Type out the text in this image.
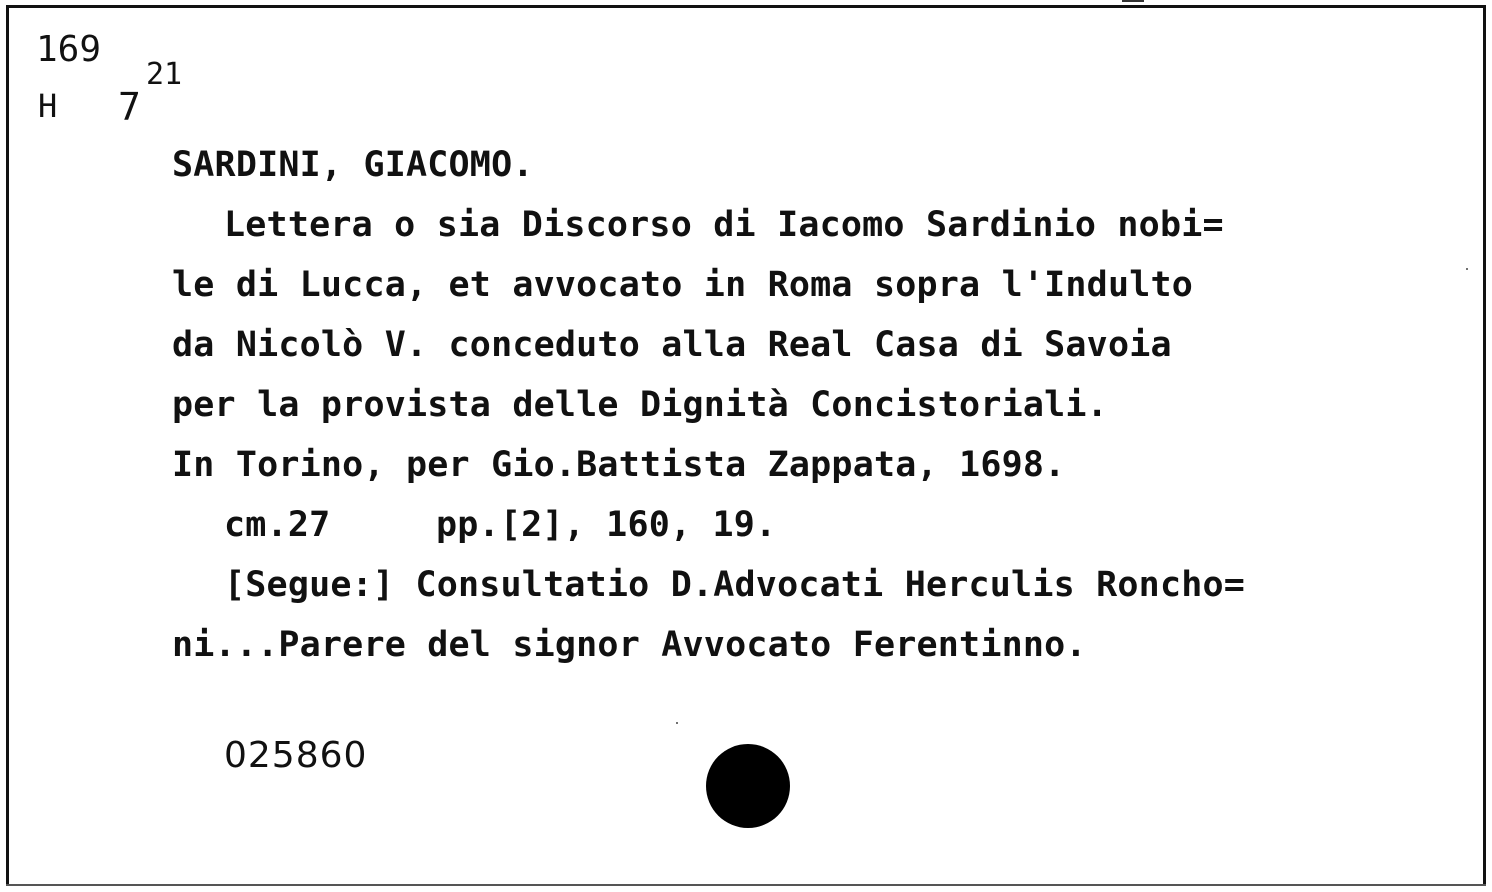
169
H 7
21
SARDINI, GIACOMO.
Lettera o sia Discorso di Iacomo Sardinio nobi=
le di Lucca, et avvocato in Roma sopra l'Indulto
da Nicolò V. conceduto alla Real Casa di Savoia
per la provista delle Dignità Concistoriali.
In Torino, per Gio.Battista Zappata, 1698.
cm.27	pp.[2], 160, 19.
[Segue:] Consultatio D.Advocati Herculis Roncho=
ni...Parere del signor Avvocato Ferentinno.
025860
